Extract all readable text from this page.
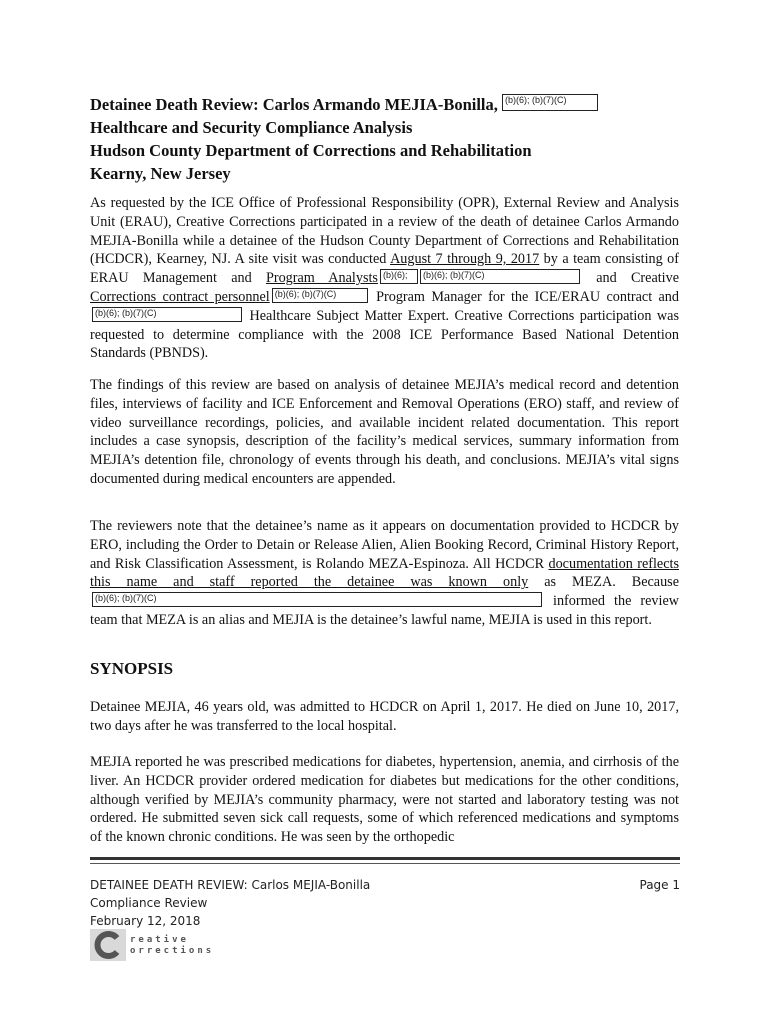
Detainee Death Review: Carlos Armando MEJIA-Bonilla, (b)(6); (b)(7)(C)
Healthcare and Security Compliance Analysis
Hudson County Department of Corrections and Rehabilitation
Kearny, New Jersey

As requested by the ICE Office of Professional Responsibility (OPR), External Review and Analysis Unit (ERAU), Creative Corrections participated in a review of the death of detainee Carlos Armando MEJIA-Bonilla while a detainee of the Hudson County Department of Corrections and Rehabilitation (HCDCR), Kearney, NJ. A site visit was conducted August 7 through 9, 2017 by a team consisting of ERAU Management and Program Analysts (b)(6); (b)(6); (b)(7)(C)	and Creative Corrections contract personnel (b)(6); (b)(7)(C) Program Manager for the ICE/ERAU contract and (b)(6); (b)(7)(C)	Healthcare Subject Matter Expert. Creative Corrections participation was requested to determine compliance with the 2008 ICE Performance Based National Detention Standards (PBNDS).

The findings of this review are based on analysis of detainee MEJIA’s medical record and detention files, interviews of facility and ICE Enforcement and Removal Operations (ERO) staff, and review of video surveillance recordings, policies, and available incident related documentation. This report includes a case synopsis, description of the facility’s medical services, summary information from MEJIA’s detention file, chronology of events through his death, and conclusions. MEJIA’s vital signs documented during medical encounters are appended.

The reviewers note that the detainee’s name as it appears on documentation provided to HCDCR by ERO, including the Order to Detain or Release Alien, Alien Booking Record, Criminal History Report, and Risk Classification Assessment, is Rolando MEZA-Espinoza. All HCDCR documentation reflects this name and staff reported the detainee was known only as MEZA. Because (b)(6); (b)(7)(C)	informed the review team that MEZA is an alias and MEJIA is the detainee’s lawful name, MEJIA is used in this report.

SYNOPSIS

Detainee MEJIA, 46 years old, was admitted to HCDCR on April 1, 2017. He died on June 10, 2017, two days after he was transferred to the local hospital.

MEJIA reported he was prescribed medications for diabetes, hypertension, anemia, and cirrhosis of the liver. An HCDCR provider ordered medication for diabetes but medications for the other conditions, although verified by MEJIA’s community pharmacy, were not started and laboratory testing was not ordered. He submitted seven sick call requests, some of which referenced medications and symptoms of the known chronic conditions. He was seen by the orthopedic

DETAINEE DEATH REVIEW: Carlos MEJIA-Bonilla
Compliance Review
February 12, 2018
Page 1
reative
orrections
